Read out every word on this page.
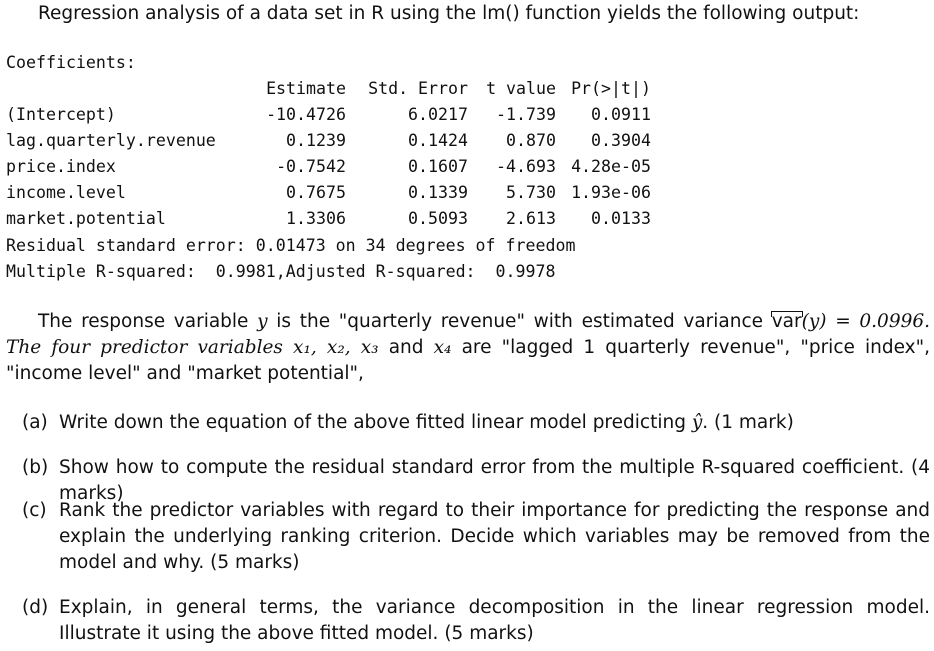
Regression analysis of a data set in R using the lm() function yields the following output:
Coefficients:
	Estimate	Std. Error	t value	Pr(>|t|)
(Intercept)	-10.4726	6.0217	-1.739	0.0911
lag.quarterly.revenue	0.1239	0.1424	0.870	0.3904
price.index	-0.7542	0.1607	-4.693	4.28e-05
income.level	0.7675	0.1339	5.730	1.93e-06
market.potential	1.3306	0.5093	2.613	0.0133
Residual standard error: 0.01473 on 34 degrees of freedom
Multiple R-squared:  0.9981,Adjusted R-squared:  0.9978
The response variable y is the "quarterly revenue" with estimated variance var(y) = 0.0996. The four predictor variables x₁, x₂, x₃ and x₄ are "lagged 1 quarterly revenue", "price index", "income level" and "market potential",
(a) Write down the equation of the above fitted linear model predicting ŷ. (1 mark)
(b) Show how to compute the residual standard error from the multiple R-squared coefficient. (4 marks)
(c) Rank the predictor variables with regard to their importance for predicting the response and explain the underlying ranking criterion. Decide which variables may be removed from the model and why. (5 marks)
(d) Explain, in general terms, the variance decomposition in the linear regression model. Illustrate it using the above fitted model. (5 marks)
